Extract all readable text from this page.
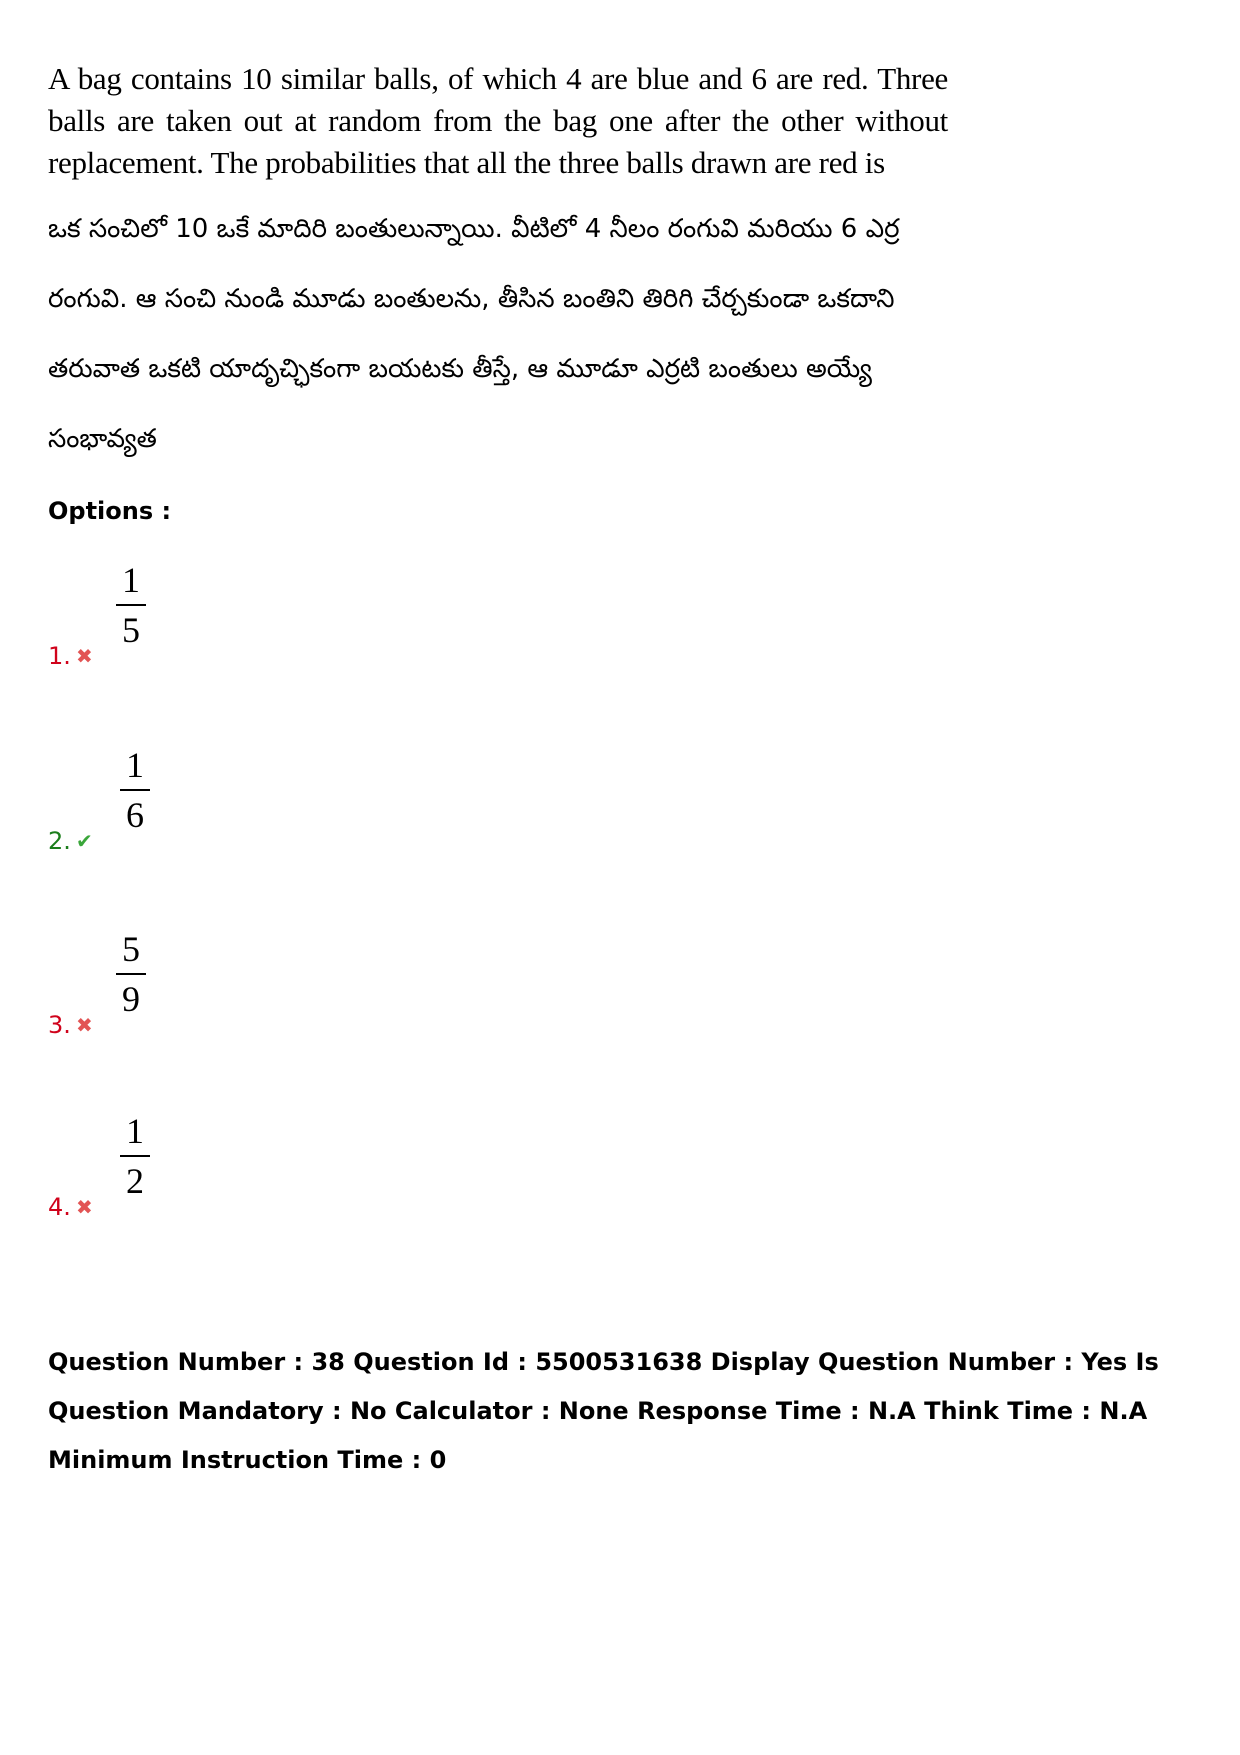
A bag contains 10 similar balls, of which 4 are blue and 6 are red. Three balls are taken out at random from the bag one after the other without replacement. The probabilities that all the three balls drawn are red is
ఒక సంచిలో 10 ఒకే మాదిరి బంతులున్నాయి. వీటిలో 4 నీలం రంగువి మరియు 6 ఎర్ర
రంగువి. ఆ సంచి నుండి మూడు బంతులను, తీసిన బంతిని తిరిగి చేర్చకుండా ఒకదాని
తరువాత ఒకటి యాదృచ్ఛికంగా బయటకు తీస్తే, ఆ మూడూ ఎర్రటి బంతులు అయ్యే
సంభావ్యత
Options :
1. ✖
1
5
2. ✔
1
6
3. ✖
5
9
4. ✖
1
2
Question Number : 38 Question Id : 5500531638 Display Question Number : Yes Is Question Mandatory : No Calculator : None Response Time : N.A Think Time : N.A Minimum Instruction Time : 0
